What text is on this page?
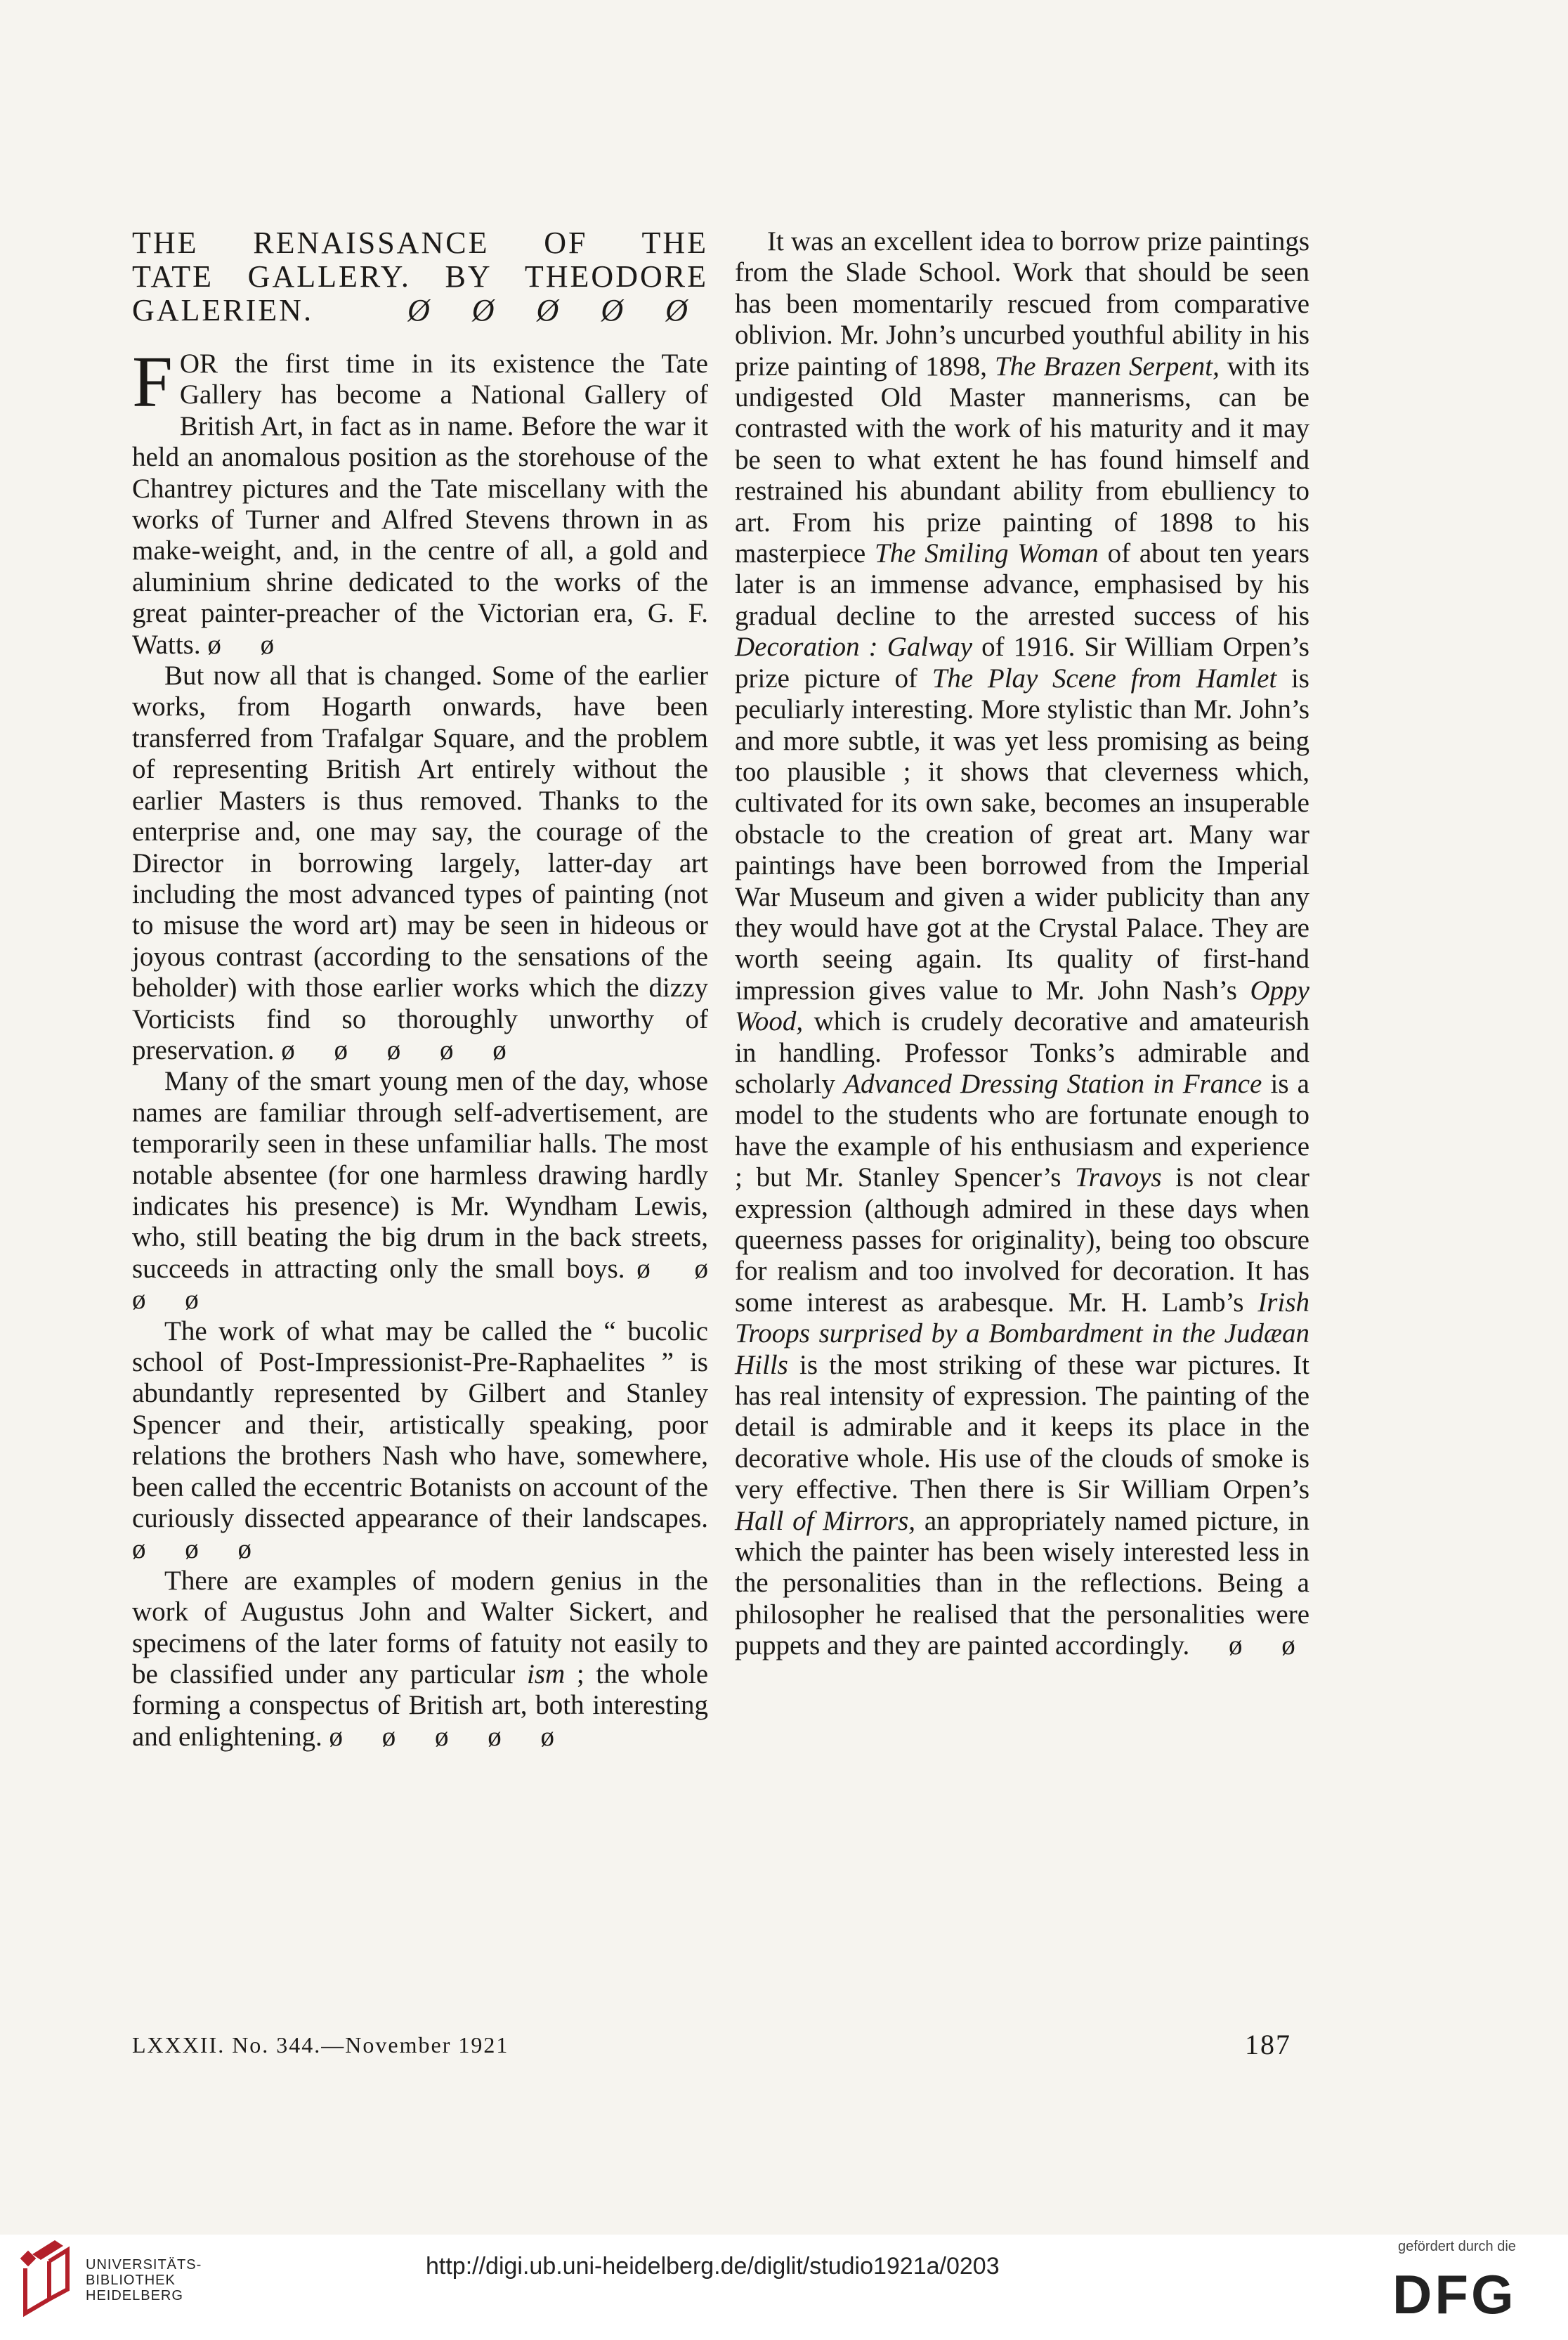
THE RENAISSANCE OF THE

TATE GALLERY. BY THEODORE

GALERIEN.	Ø Ø Ø Ø Ø

FOR the first time in its existence the Tate Gallery has become a National Gallery of British Art, in fact as in name. Before the war it held an anomalous position as the storehouse of the Chantrey pictures and the Tate miscellany with the works of Turner and Alfred Stevens thrown in as make-weight, and, in the centre of all, a gold and aluminium shrine dedicated to the works of the great painter-preacher of the Victorian era, G. F. Watts. ø ø

But now all that is changed. Some of the earlier works, from Hogarth onwards, have been transferred from Trafalgar Square, and the problem of representing British Art entirely without the earlier Masters is thus removed. Thanks to the enterprise and, one may say, the courage of the Director in borrowing largely, latter-day art including the most advanced types of painting (not to misuse the word art) may be seen in hideous or joyous contrast (according to the sensations of the beholder) with those earlier works which the dizzy Vorticists find so thoroughly unworthy of preservation. ø ø ø ø ø

Many of the smart young men of the day, whose names are familiar through self-advertisement, are temporarily seen in these unfamiliar halls. The most notable absentee (for one harmless drawing hardly indicates his presence) is Mr. Wyndham Lewis, who, still beating the big drum in the back streets, succeeds in attracting only the small boys. ø ø ø ø

The work of what may be called the “ bucolic school of Post-Impressionist-Pre-Raphaelites ” is abundantly represented by Gilbert and Stanley Spencer and their, artistically speaking, poor relations the brothers Nash who have, somewhere, been called the eccentric Botanists on account of the curiously dissected appearance of their landscapes. ø ø ø

There are examples of modern genius in the work of Augustus John and Walter Sickert, and specimens of the later forms of fatuity not easily to be classified under any particular ism ; the whole forming a conspectus of British art, both interesting and enlightening. ø ø ø ø ø

It was an excellent idea to borrow prize paintings from the Slade School. Work that should be seen has been momentarily rescued from comparative oblivion. Mr. John’s uncurbed youthful ability in his prize painting of 1898, The Brazen Serpent, with its undigested Old Master mannerisms, can be contrasted with the work of his maturity and it may be seen to what extent he has found himself and restrained his abundant ability from ebulliency to art. From his prize painting of 1898 to his masterpiece The Smiling Woman of about ten years later is an immense advance, emphasised by his gradual decline to the arrested success of his Decoration : Galway of 1916. Sir William Orpen’s prize picture of The Play Scene from Hamlet is peculiarly interesting. More stylistic than Mr. John’s and more subtle, it was yet less promising as being too plausible ; it shows that cleverness which, cultivated for its own sake, becomes an insuperable obstacle to the creation of great art. Many war paintings have been borrowed from the Imperial War Museum and given a wider publicity than any they would have got at the Crystal Palace. They are worth seeing again. Its quality of first-hand impression gives value to Mr. John Nash’s Oppy Wood, which is crudely decorative and amateurish in handling. Professor Tonks’s admirable and scholarly Advanced Dressing Station in France is a model to the students who are fortunate enough to have the example of his enthusiasm and experience ; but Mr. Stanley Spencer’s Travoys is not clear expression (although admired in these days when queerness passes for originality), being too obscure for realism and too involved for decoration. It has some interest as arabesque. Mr. H. Lamb’s Irish Troops surprised by a Bombardment in the Judæan Hills is the most striking of these war pictures. It has real intensity of expression. The painting of the detail is admirable and it keeps its place in the decorative whole. His use of the clouds of smoke is very effective. Then there is Sir William Orpen’s Hall of Mirrors, an appropriately named picture, in which the painter has been wisely interested less in the personalities than in the reflections. Being a philosopher he realised that the personalities were puppets and they are painted accordingly. ø ø

LXXXII. No. 344.—November 1921	187
UNIVERSITÄTS-
BIBLIOTHEK
HEIDELBERG
http://digi.ub.uni-heidelberg.de/diglit/studio1921a/0203
gefördert durch die
DFG
